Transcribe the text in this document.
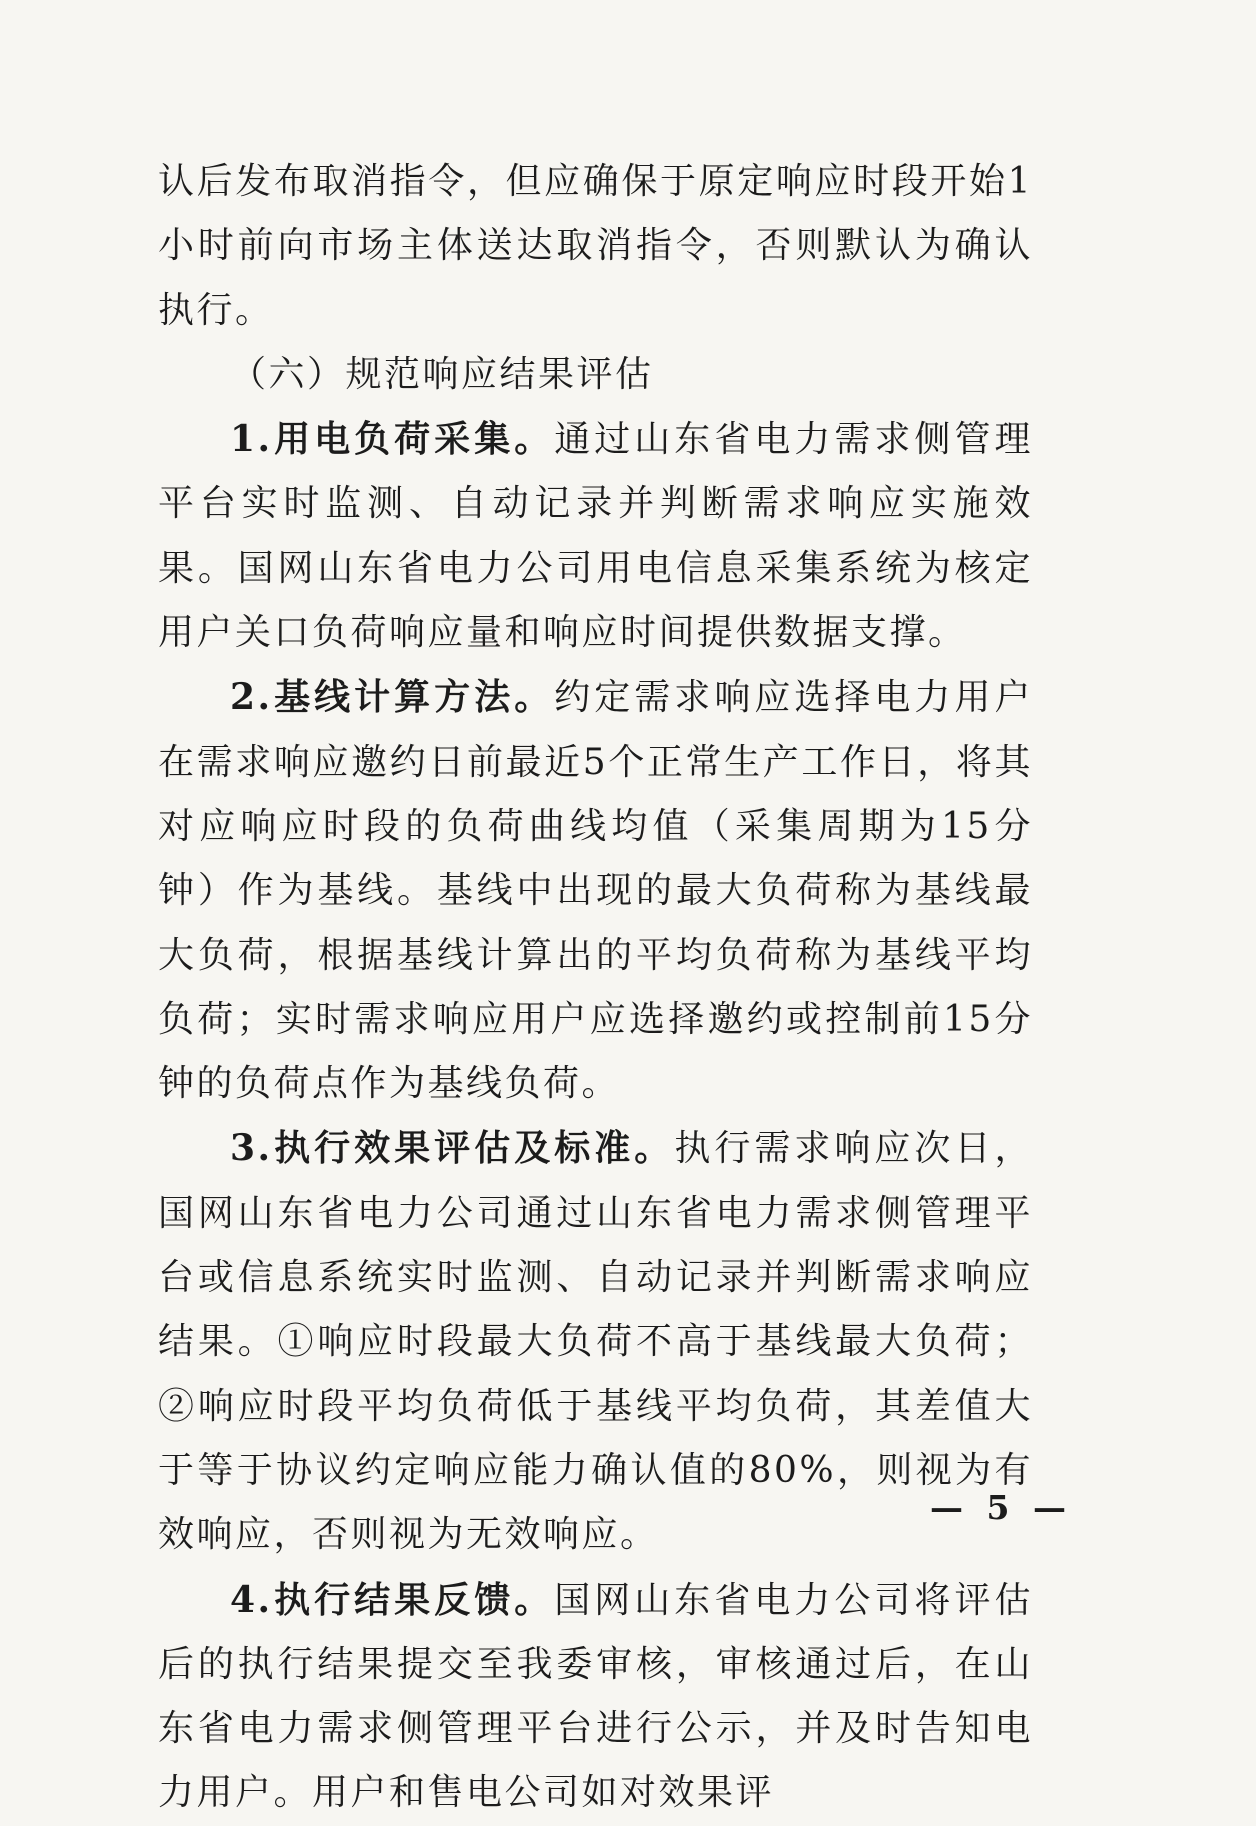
认后发布取消指令，但应确保于原定响应时段开始1小时前向市场主体送达取消指令，否则默认为确认执行。

（六）规范响应结果评估

1.用电负荷采集。通过山东省电力需求侧管理平台实时监测、自动记录并判断需求响应实施效果。国网山东省电力公司用电信息采集系统为核定用户关口负荷响应量和响应时间提供数据支撑。

2.基线计算方法。约定需求响应选择电力用户在需求响应邀约日前最近5个正常生产工作日，将其对应响应时段的负荷曲线均值（采集周期为15分钟）作为基线。基线中出现的最大负荷称为基线最大负荷，根据基线计算出的平均负荷称为基线平均负荷；实时需求响应用户应选择邀约或控制前15分钟的负荷点作为基线负荷。

3.执行效果评估及标准。执行需求响应次日，国网山东省电力公司通过山东省电力需求侧管理平台或信息系统实时监测、自动记录并判断需求响应结果。①响应时段最大负荷不高于基线最大负荷；②响应时段平均负荷低于基线平均负荷，其差值大于等于协议约定响应能力确认值的80%，则视为有效响应，否则视为无效响应。

4.执行结果反馈。国网山东省电力公司将评估后的执行结果提交至我委审核，审核通过后，在山东省电力需求侧管理平台进行公示，并及时告知电力用户。用户和售电公司如对效果评

— 5 —
